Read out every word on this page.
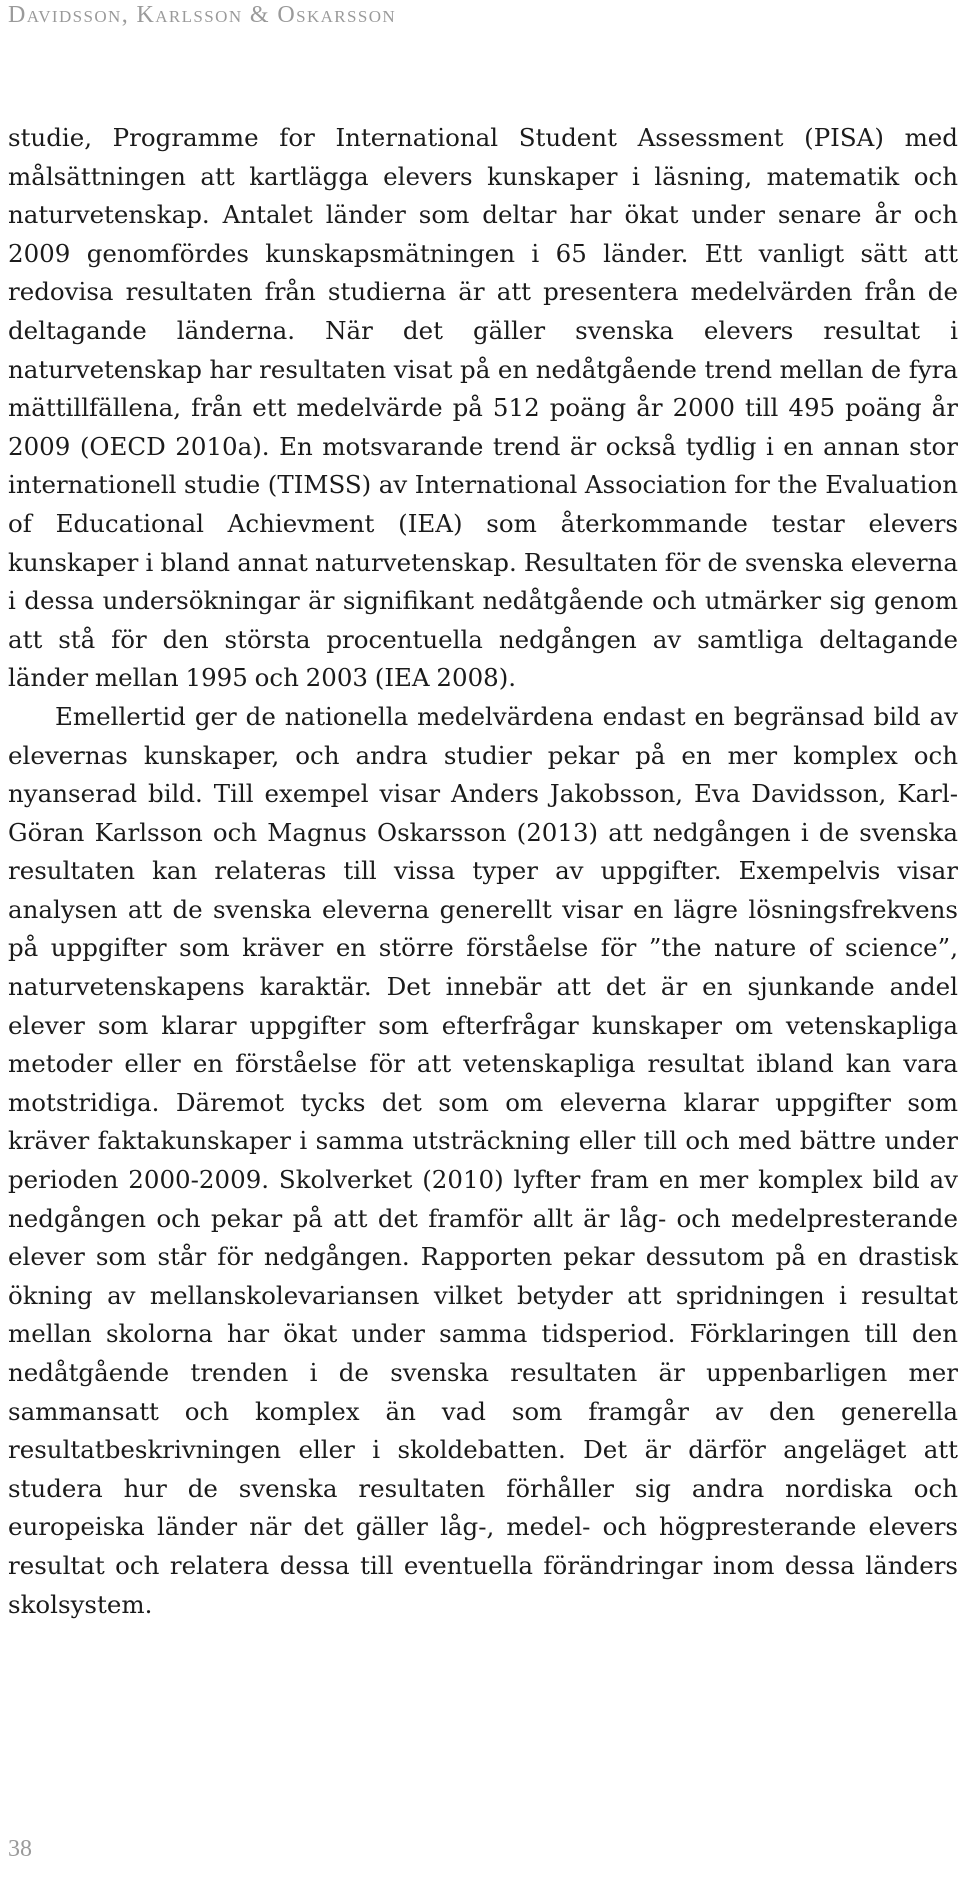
Davidsson, Karlsson & Oskarsson

studie, Programme for International Student Assessment (PISA) med målsättningen att kartlägga elevers kunskaper i läsning, matematik och naturvetenskap. Antalet länder som deltar har ökat under senare år och 2009 genomfördes kunskapsmätningen i 65 länder. Ett vanligt sätt att redovisa resultaten från studierna är att presentera medelvärden från de deltagande länderna. När det gäller svenska elevers resultat i naturvetenskap har resultaten visat på en nedåtgående trend mellan de fyra mättillfällena, från ett medelvärde på 512 poäng år 2000 till 495 poäng år 2009 (OECD 2010a). En motsvarande trend är också tydlig i en annan stor internationell studie (TIMSS) av International Association for the Evaluation of Educational Achievment (IEA) som återkommande testar elevers kunskaper i bland annat naturvetenskap. Resultaten för de svenska eleverna i dessa undersökningar är signifikant nedåtgående och utmärker sig genom att stå för den största procentuella nedgången av samtliga deltagande länder mellan 1995 och 2003 (IEA 2008).

Emellertid ger de nationella medelvärdena endast en begränsad bild av elevernas kunskaper, och andra studier pekar på en mer komplex och nyanserad bild. Till exempel visar Anders Jakobsson, Eva Davidsson, Karl-Göran Karlsson och Magnus Oskarsson (2013) att nedgången i de svenska resultaten kan relateras till vissa typer av uppgifter. Exempelvis visar analysen att de svenska eleverna generellt visar en lägre lösningsfrekvens på uppgifter som kräver en större förståelse för ”the nature of science”, naturvetenskapens karaktär. Det innebär att det är en sjunkande andel elever som klarar uppgifter som efterfrågar kunskaper om vetenskapliga metoder eller en förståelse för att vetenskapliga resultat ibland kan vara motstridiga. Däremot tycks det som om eleverna klarar uppgifter som kräver faktakunskaper i samma utsträckning eller till och med bättre under perioden 2000-2009. Skolverket (2010) lyfter fram en mer komplex bild av nedgången och pekar på att det framför allt är låg- och medelpresterande elever som står för nedgången. Rapporten pekar dessutom på en drastisk ökning av mellanskolevariansen vilket betyder att spridningen i resultat mellan skolorna har ökat under samma tidsperiod. Förklaringen till den nedåtgående trenden i de svenska resultaten är uppenbarligen mer sammansatt och komplex än vad som framgår av den generella resultatbeskrivningen eller i skoldebatten. Det är därför angeläget att studera hur de svenska resultaten förhåller sig andra nordiska och europeiska länder när det gäller låg-, medel- och högpresterande elevers resultat och relatera dessa till eventuella förändringar inom dessa länders skolsystem.

38
